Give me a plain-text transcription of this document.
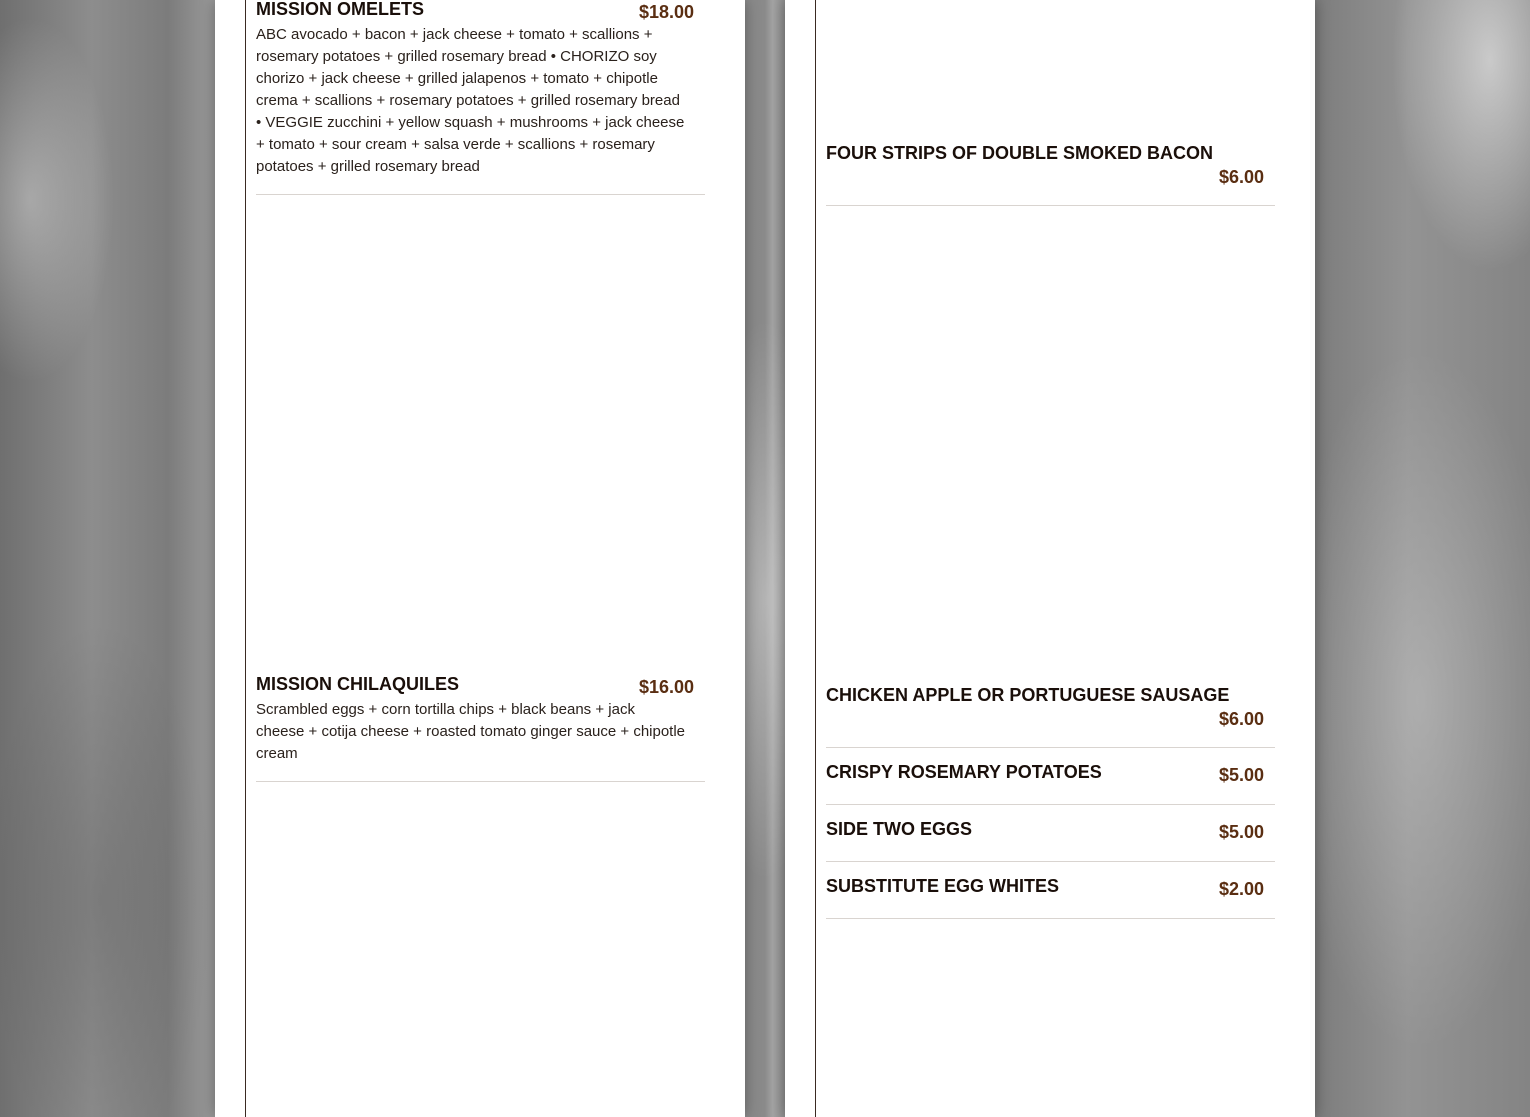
MISSION OMELETS	$18.00

ABC avocado + bacon + jack cheese + tomato + scallions + rosemary potatoes + grilled rosemary bread • CHORIZO soy chorizo + jack cheese + grilled jalapenos + tomato + chipotle crema + scallions + rosemary potatoes + grilled rosemary bread • VEGGIE zucchini + yellow squash + mushrooms + jack cheese + tomato + sour cream + salsa verde + scallions + rosemary potatoes + grilled rosemary bread

MISSION CHILAQUILES	$16.00

Scrambled eggs + corn tortilla chips + black beans + jack cheese + cotija cheese + roasted tomato ginger sauce + chipotle cream

FOUR STRIPS OF DOUBLE SMOKED BACON
$6.00
CHICKEN APPLE OR PORTUGUESE SAUSAGE
$6.00
CRISPY ROSEMARY POTATOES	$5.00
SIDE TWO EGGS	$5.00
SUBSTITUTE EGG WHITES	$2.00
